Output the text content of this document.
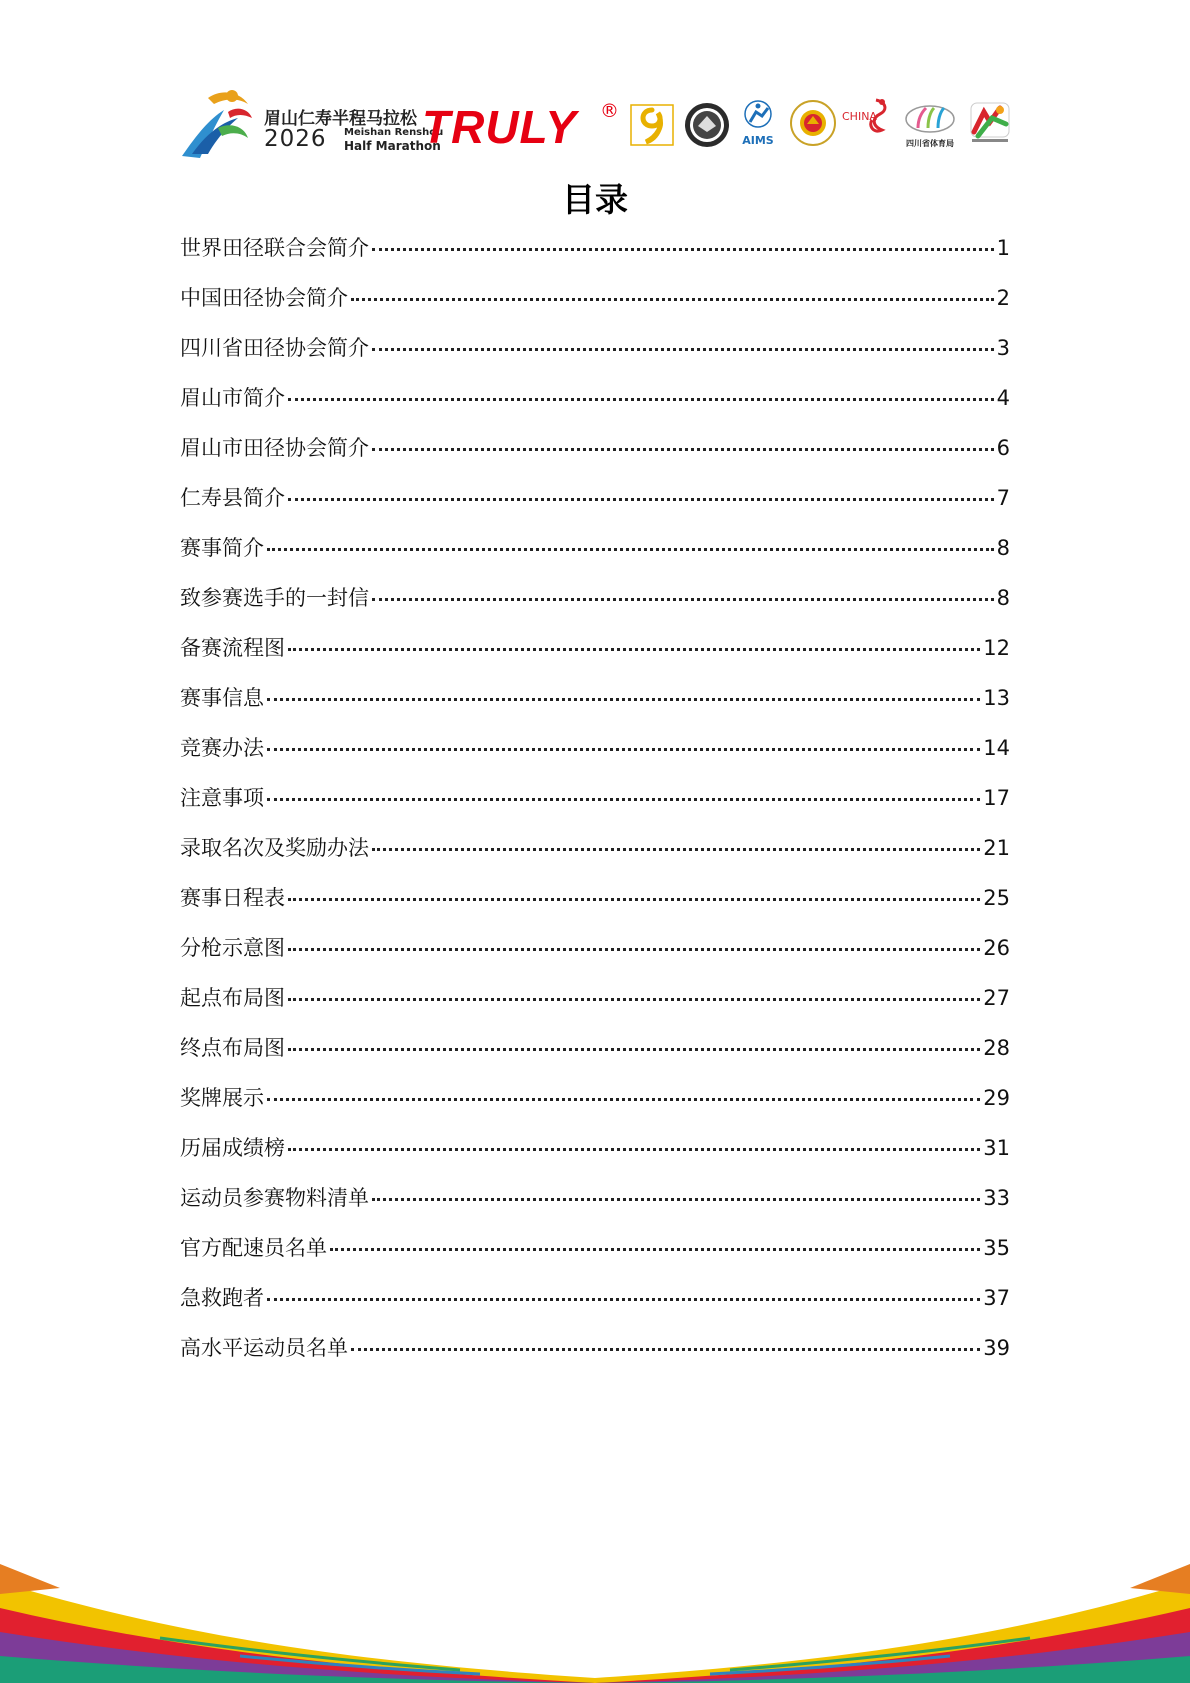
眉山仁寿半程马拉松
2026 Meishan Renshou
Half Marathon
TRULY ®
AIMS
CHINA
四川省体育局
目录
世界田径联合会简介	1
中国田径协会简介	2
四川省田径协会简介	3
眉山市简介	4
眉山市田径协会简介	6
仁寿县简介	7
赛事简介	8
致参赛选手的一封信	8
备赛流程图	12
赛事信息	13
竞赛办法	14
注意事项	17
录取名次及奖励办法	21
赛事日程表	25
分枪示意图	26
起点布局图	27
终点布局图	28
奖牌展示	29
历届成绩榜	31
运动员参赛物料清单	33
官方配速员名单	35
急救跑者	37
高水平运动员名单	39
